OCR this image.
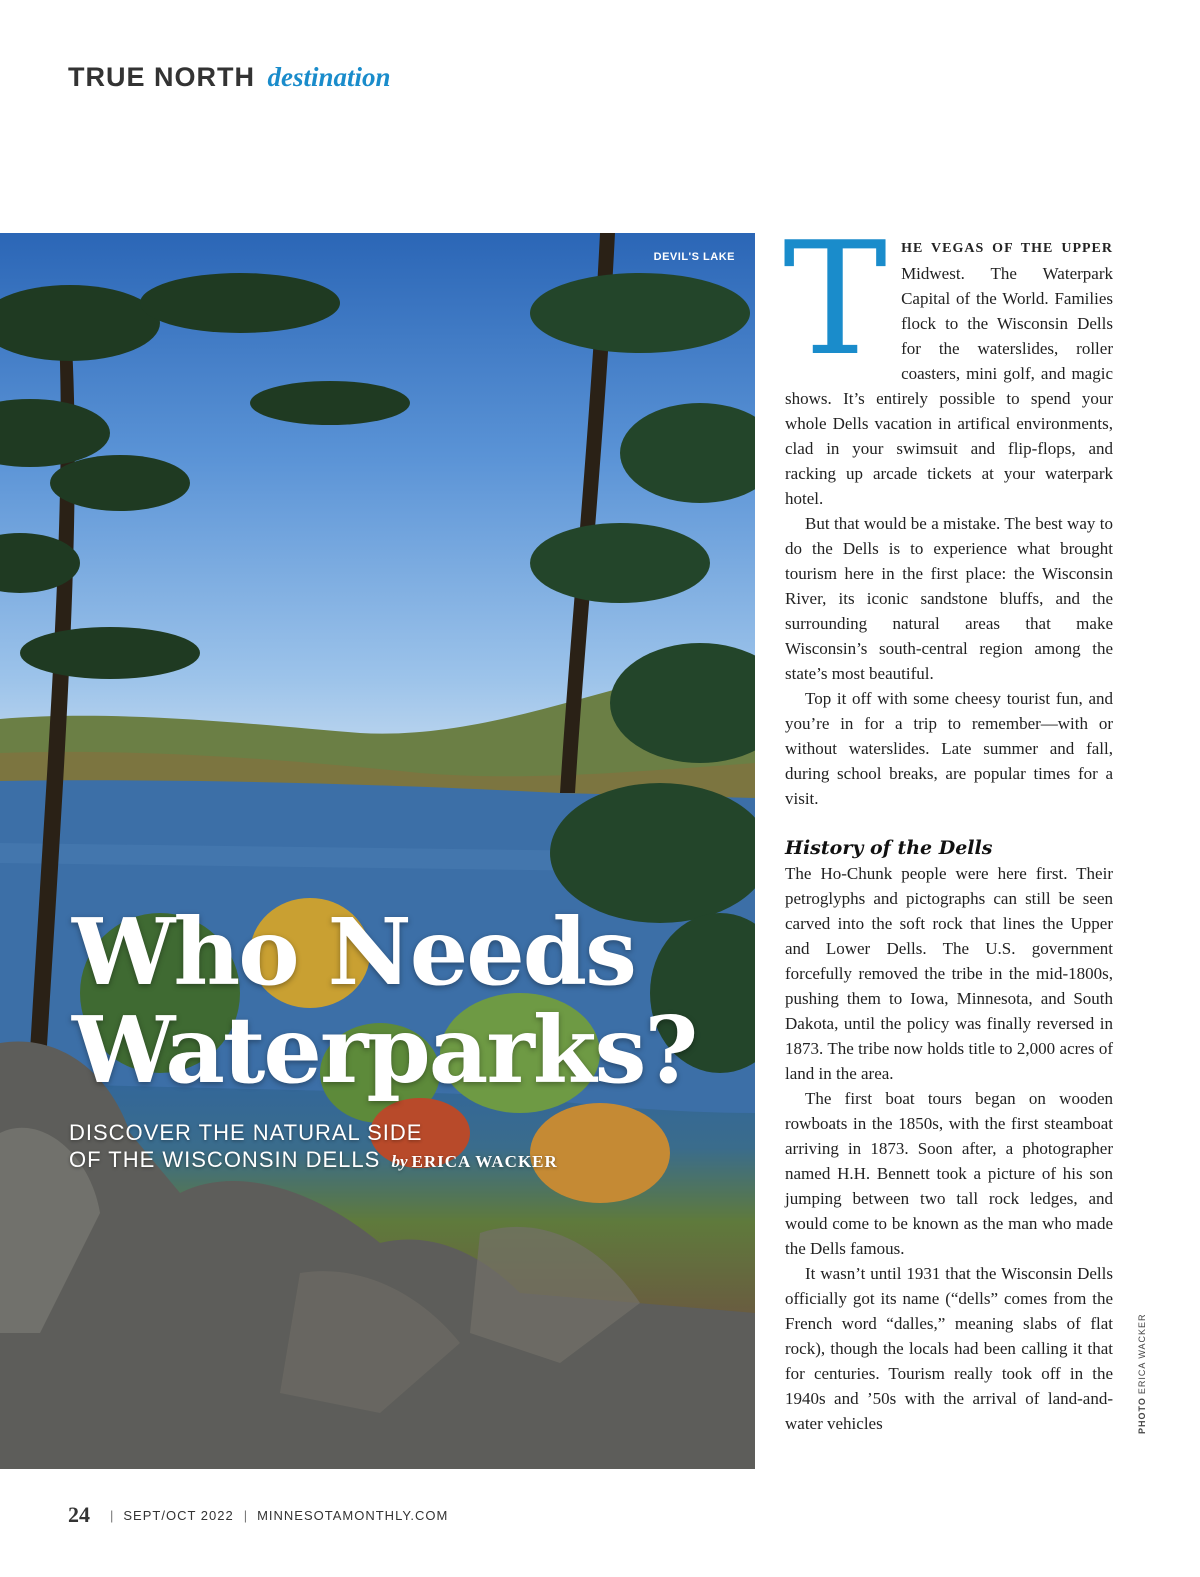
TRUE NORTH destination
DEVIL'S LAKE
Who Needs
Waterparks?
DISCOVER THE NATURAL SIDE
OF THE WISCONSIN DELLS by ERICA WACKER
T	HE VEGAS OF THE UPPER Midwest. The Waterpark Capital of the World. Families flock to the Wisconsin Dells for the waterslides, roller coasters, mini golf, and magic shows. It’s entirely possible to spend your whole Dells vacation in artifical environments, clad in your swimsuit and flip-flops, and racking up arcade tickets at your waterpark hotel.

But that would be a mistake. The best way to do the Dells is to experience what brought tourism here in the first place: the Wisconsin River, its iconic sandstone bluffs, and the surrounding natural areas that make Wisconsin’s south-central region among the state’s most beautiful.

Top it off with some cheesy tourist fun, and you’re in for a trip to remember—with or without waterslides. Late summer and fall, during school breaks, are popular times for a visit.

History of the Dells

The Ho-Chunk people were here first. Their petroglyphs and pictographs can still be seen carved into the soft rock that lines the Upper and Lower Dells. The U.S. government forcefully removed the tribe in the mid-1800s, pushing them to Iowa, Minnesota, and South Dakota, until the policy was finally reversed in 1873. The tribe now holds title to 2,000 acres of land in the area.

The first boat tours began on wooden rowboats in the 1850s, with the first steamboat arriving in 1873. Soon after, a photographer named H.H. Bennett took a picture of his son jumping between two tall rock ledges, and would come to be known as the man who made the Dells famous.

It wasn’t until 1931 that the Wisconsin Dells officially got its name (“dells” comes from the French word “dalles,” meaning slabs of flat rock), though the locals had been calling it that for centuries. Tourism really took off in the 1940s and ’50s with the arrival of land-and-water vehicles	PHOTOERICA WACKER
24 | SEPT/OCT 2022 | MINNESOTAMONTHLY.COM
